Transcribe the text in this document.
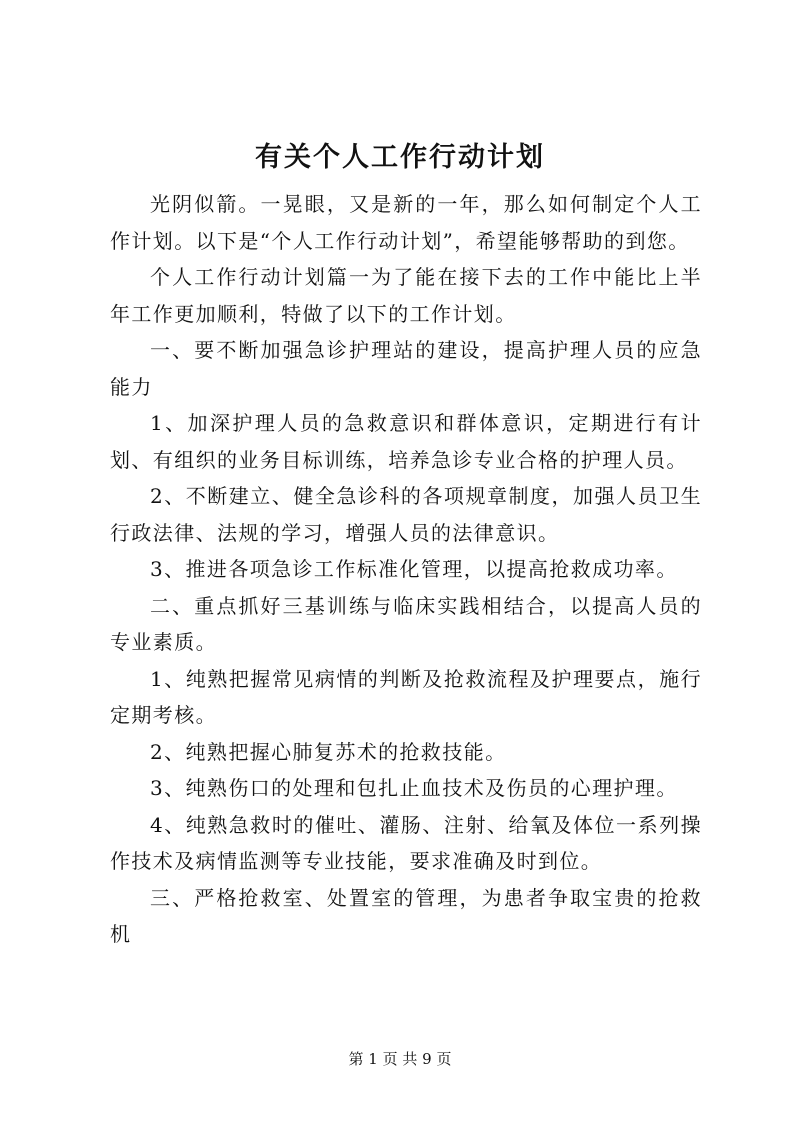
有关个人工作行动计划

光阴似箭。一晃眼，又是新的一年，那么如何制定个人工作计划。以下是“个人工作行动计划”，希望能够帮助的到您。

个人工作行动计划篇一为了能在接下去的工作中能比上半年工作更加顺利，特做了以下的工作计划。

一、要不断加强急诊护理站的建设，提高护理人员的应急能力

1、加深护理人员的急救意识和群体意识，定期进行有计划、有组织的业务目标训练，培养急诊专业合格的护理人员。

2、不断建立、健全急诊科的各项规章制度，加强人员卫生行政法律、法规的学习，增强人员的法律意识。

3、推进各项急诊工作标准化管理，以提高抢救成功率。

二、重点抓好三基训练与临床实践相结合，以提高人员的专业素质。

1、纯熟把握常见病情的判断及抢救流程及护理要点，施行定期考核。

2、纯熟把握心肺复苏术的抢救技能。

3、纯熟伤口的处理和包扎止血技术及伤员的心理护理。

4、纯熟急救时的催吐、灌肠、注射、给氧及体位一系列操作技术及病情监测等专业技能，要求准确及时到位。

三、严格抢救室、处置室的管理，为患者争取宝贵的抢救机

第 1 页 共 9 页
